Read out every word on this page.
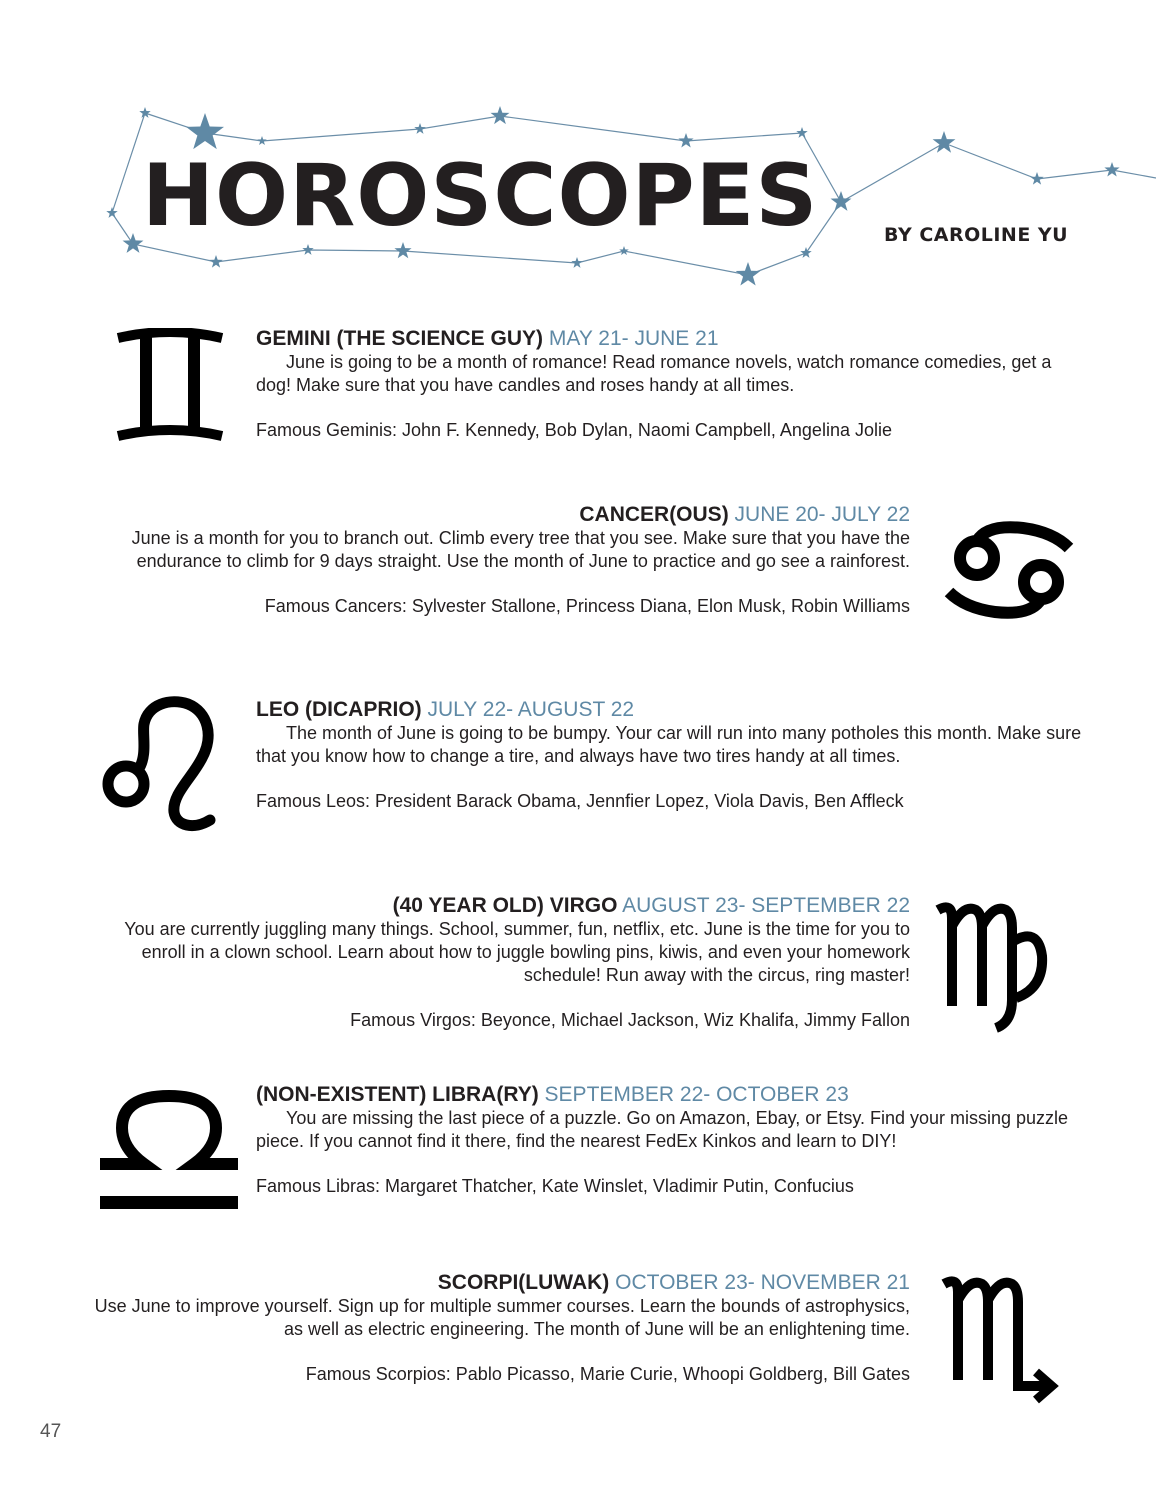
HOROSCOPES	BY CAROLINE YU
GEMINI (THE SCIENCE GUY) MAY 21- JUNE 21

June is going to be a month of romance! Read romance novels, watch romance comedies, get a dog! Make sure that you have candles and roses handy at all times.

Famous Geminis: John F. Kennedy, Bob Dylan, Naomi Campbell, Angelina Jolie

CANCER(OUS) JUNE 20- JULY 22

June is a month for you to branch out. Climb every tree that you see. Make sure that you have the endurance to climb for 9 days straight. Use the month of June to practice and go see a rainforest.

Famous Cancers: Sylvester Stallone, Princess Diana, Elon Musk, Robin Williams

LEO (DICAPRIO) JULY 22- AUGUST 22

The month of June is going to be bumpy. Your car will run into many potholes this month. Make sure that you know how to change a tire, and always have two tires handy at all times.

Famous Leos: President Barack Obama, Jennfier Lopez, Viola Davis, Ben Affleck

(40 YEAR OLD) VIRGO AUGUST 23- SEPTEMBER 22

You are currently juggling many things. School, summer, fun, netflix, etc. June is the time for you to enroll in a clown school. Learn about how to juggle bowling pins, kiwis, and even your homework schedule! Run away with the circus, ring master!

Famous Virgos: Beyonce, Michael Jackson, Wiz Khalifa, Jimmy Fallon

(NON-EXISTENT) LIBRA(RY) SEPTEMBER 22- OCTOBER 23

You are missing the last piece of a puzzle. Go on Amazon, Ebay, or Etsy. Find your missing puzzle piece. If you cannot find it there, find the nearest FedEx Kinkos and learn to DIY!

Famous Libras: Margaret Thatcher, Kate Winslet, Vladimir Putin, Confucius

SCORPI(LUWAK) OCTOBER 23- NOVEMBER 21

Use June to improve yourself. Sign up for multiple summer courses. Learn the bounds of astrophysics, as well as electric engineering. The month of June will be an enlightening time.

Famous Scorpios: Pablo Picasso, Marie Curie, Whoopi Goldberg, Bill Gates

47
